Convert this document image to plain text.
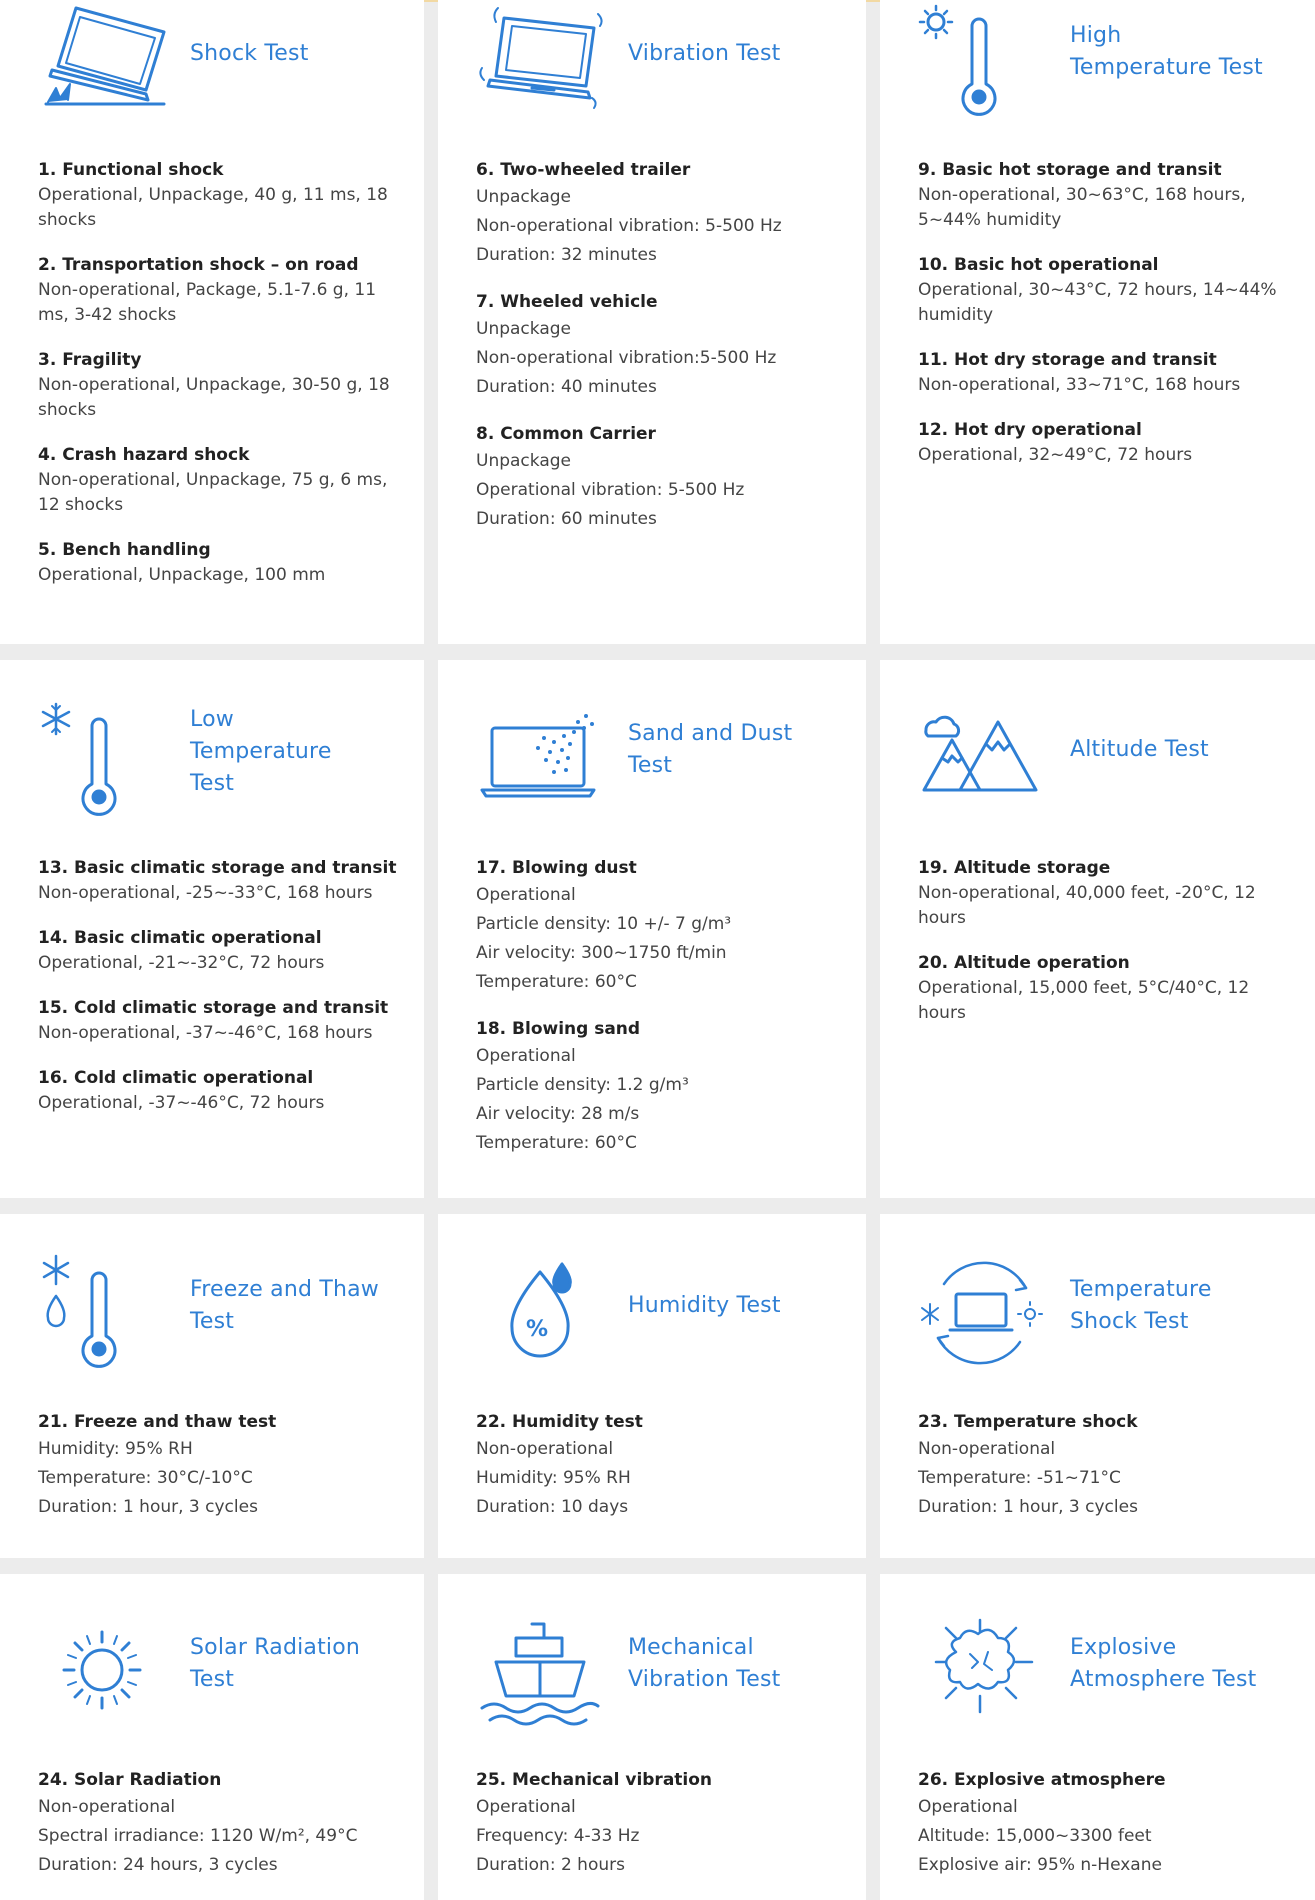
Shock Test
1. Functional shock
Operational, Unpackage, 40 g, 11 ms, 18 shocks
2. Transportation shock – on road
Non-operational, Package, 5.1-7.6 g, 11 ms, 3-42 shocks
3. Fragility
Non-operational, Unpackage, 30-50 g, 18 shocks
4. Crash hazard shock
Non-operational, Unpackage, 75 g, 6 ms, 12 shocks
5. Bench handling
Operational, Unpackage, 100 mm
Vibration Test
6. Two-wheeled trailer
Unpackage
Non-operational vibration: 5-500 Hz
Duration: 32 minutes
7. Wheeled vehicle
Unpackage
Non-operational vibration:5-500 Hz
Duration: 40 minutes
8. Common Carrier
Unpackage
Operational vibration: 5-500 Hz
Duration: 60 minutes
High Temperature Test
9. Basic hot storage and transit
Non-operational, 30~63°C, 168 hours, 5~44% humidity
10. Basic hot operational
Operational, 30~43°C, 72 hours, 14~44% humidity
11. Hot dry storage and transit
Non-operational, 33~71°C, 168 hours
12. Hot dry operational
Operational, 32~49°C, 72 hours
Low Temperature Test
13. Basic climatic storage and transit
Non-operational, -25~-33°C, 168 hours
14. Basic climatic operational
Operational, -21~-32°C, 72 hours
15. Cold climatic storage and transit
Non-operational, -37~-46°C, 168 hours
16. Cold climatic operational
Operational, -37~-46°C, 72 hours
Sand and Dust Test
17. Blowing dust
Operational
Particle density: 10 +/- 7 g/m³
Air velocity: 300~1750 ft/min
Temperature: 60°C
18. Blowing sand
Operational
Particle density: 1.2 g/m³
Air velocity: 28 m/s
Temperature: 60°C
Altitude Test
19. Altitude storage
Non-operational, 40,000 feet, -20°C, 12 hours
20. Altitude operation
Operational, 15,000 feet, 5°C/40°C, 12 hours
Freeze and Thaw Test
21. Freeze and thaw test
Humidity: 95% RH
Temperature: 30°C/-10°C
Duration: 1 hour, 3 cycles
%
Humidity Test
22. Humidity test
Non-operational
Humidity: 95% RH
Duration: 10 days
Temperature Shock Test
23. Temperature shock
Non-operational
Temperature: -51~71°C
Duration: 1 hour, 3 cycles
Solar Radiation Test
24. Solar Radiation
Non-operational
Spectral irradiance: 1120 W/m², 49°C
Duration: 24 hours, 3 cycles
Mechanical Vibration Test
25. Mechanical vibration
Operational
Frequency: 4-33 Hz
Duration: 2 hours
Explosive Atmosphere Test
26. Explosive atmosphere
Operational
Altitude: 15,000~3300 feet
Explosive air: 95% n-Hexane
